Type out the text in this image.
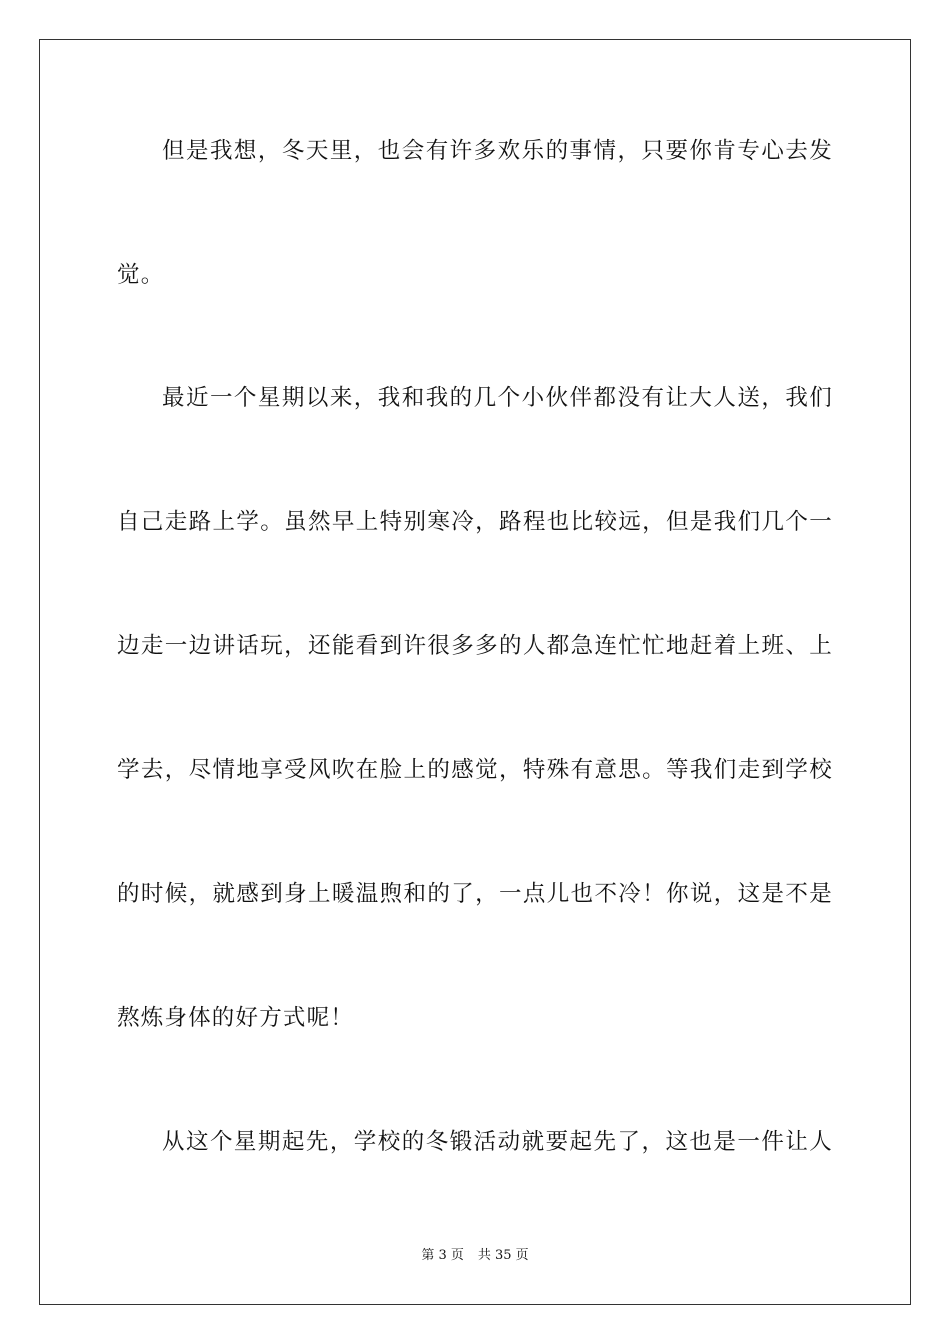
但是我想，冬天里，也会有许多欢乐的事情，只要你肯专心去发
觉。
最近一个星期以来，我和我的几个小伙伴都没有让大人送，我们
自己走路上学。虽然早上特别寒冷，路程也比较远，但是我们几个一
边走一边讲话玩，还能看到许很多多的人都急连忙忙地赶着上班、上
学去，尽情地享受风吹在脸上的感觉，特殊有意思。等我们走到学校
的时候，就感到身上暖温煦和的了，一点儿也不冷！你说，这是不是
熬炼身体的好方式呢！
从这个星期起先，学校的冬锻活动就要起先了，这也是一件让人
第 3 页 共 35 页
